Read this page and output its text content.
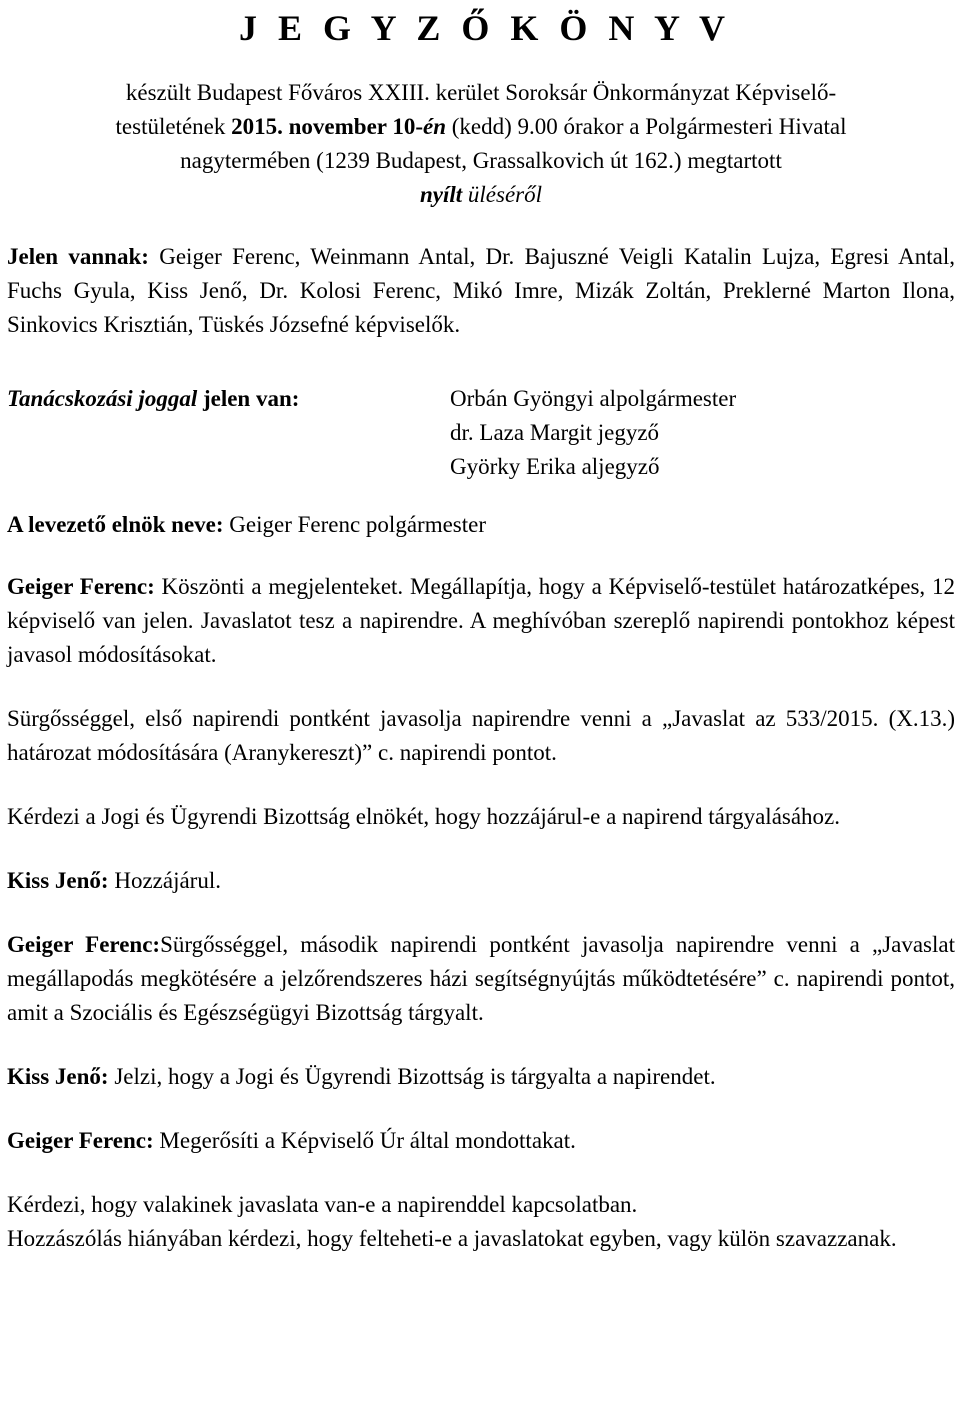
J E G Y Z Ő K Ö N Y V

készült Budapest Főváros XXIII. kerület Soroksár Önkormányzat Képviselő-

testületének 2015. november 10-én (kedd) 9.00 órakor a Polgármesteri Hivatal

nagytermében (1239 Budapest, Grassalkovich út 162.) megtartott

nyílt üléséről

Jelen vannak: Geiger Ferenc, Weinmann Antal, Dr. Bajuszné Veigli Katalin Lujza, Egresi Antal, Fuchs Gyula, Kiss Jenő, Dr. Kolosi Ferenc, Mikó Imre, Mizák Zoltán, Preklerné Marton Ilona, Sinkovics Krisztián, Tüskés Józsefné képviselők.

Tanácskozási joggal jelen van:	Orbán Gyöngyi alpolgármester
dr. Laza Margit jegyző
Györky Erika aljegyző

A levezető elnök neve: Geiger Ferenc polgármester

Geiger Ferenc: Köszönti a megjelenteket. Megállapítja, hogy a Képviselő-testület határozatképes, 12 képviselő van jelen. Javaslatot tesz a napirendre. A meghívóban szereplő napirendi pontokhoz képest javasol módosításokat.

Sürgősséggel, első napirendi pontként javasolja napirendre venni a „Javaslat az 533/2015. (X.13.) határozat módosítására (Aranykereszt)” c. napirendi pontot.

Kérdezi a Jogi és Ügyrendi Bizottság elnökét, hogy hozzájárul-e a napirend tárgyalásához.

Kiss Jenő: Hozzájárul.

Geiger Ferenc:Sürgősséggel, második napirendi pontként javasolja napirendre venni a „Javaslat megállapodás megkötésére a jelzőrendszeres házi segítségnyújtás működtetésére” c. napirendi pontot, amit a Szociális és Egészségügyi Bizottság tárgyalt.

Kiss Jenő: Jelzi, hogy a Jogi és Ügyrendi Bizottság is tárgyalta a napirendet.

Geiger Ferenc: Megerősíti a Képviselő Úr által mondottakat.

Kérdezi, hogy valakinek javaslata van-e a napirenddel kapcsolatban.

Hozzászólás hiányában kérdezi, hogy felteheti-e a javaslatokat egyben, vagy külön szavazzanak.
